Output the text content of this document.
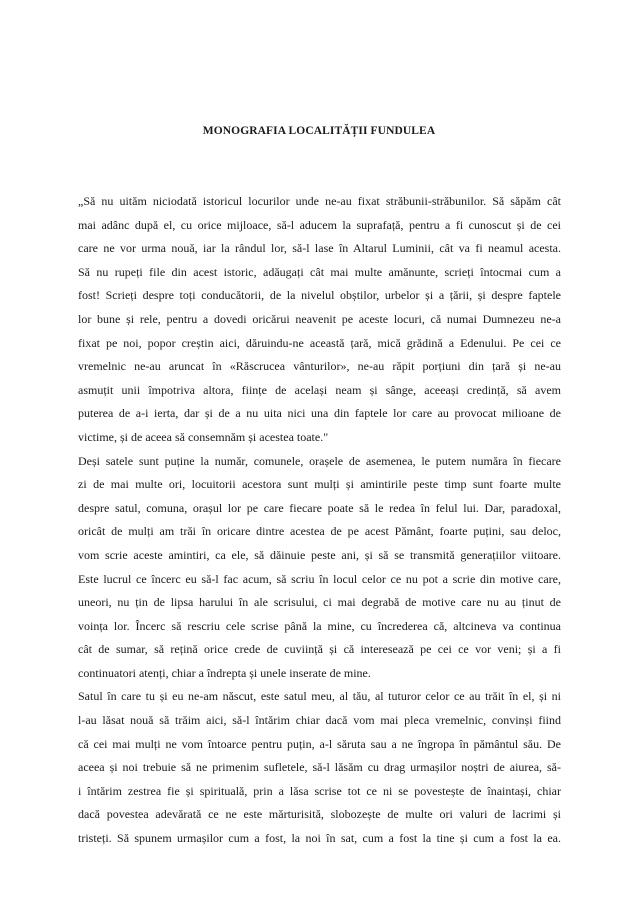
MONOGRAFIA LOCALITĂȚII FUNDULEA
„Să nu uităm niciodată istoricul locurilor unde ne-au fixat străbunii-străbunilor. Să săpăm cât
mai adânc după el, cu orice mijloace, să-l aducem la suprafață, pentru a fi cunoscut și de cei
care ne vor urma nouă, iar la rândul lor, să-l lase în Altarul Luminii, cât va fi neamul acesta.
Să nu rupeți file din acest istoric, adăugați cât mai multe amănunte, scrieți întocmai cum a
fost! Scrieți despre toți conducătorii, de la nivelul obștilor, urbelor și a țării, și despre faptele
lor bune și rele, pentru a dovedi oricărui neavenit pe aceste locuri, că numai Dumnezeu ne-a
fixat pe noi, popor creștin aici, dăruindu-ne această țară, mică grădină a Edenului. Pe cei ce
vremelnic ne-au aruncat în «Răscrucea vânturilor», ne-au răpit porțiuni din țară și ne-au
asmuțit unii împotriva altora, ființe de același neam și sânge, aceeași credință, să avem
puterea de a-i ierta, dar și de a nu uita nici una din faptele lor care au provocat milioane de
victime, și de aceea să consemnăm și acestea toate."
Deși satele sunt puține la număr, comunele, orașele de asemenea, le putem număra în fiecare
zi de mai multe ori, locuitorii acestora sunt mulți și amintirile peste timp sunt foarte multe
despre satul, comuna, orașul lor pe care fiecare poate să le redea în felul lui. Dar, paradoxal,
oricât de mulți am trăi în oricare dintre acestea de pe acest Pământ, foarte puțini, sau deloc,
vom scrie aceste amintiri, ca ele, să dăinuie peste ani, și să se transmită generațiilor viitoare.
Este lucrul ce încerc eu să-l fac acum, să scriu în locul celor ce nu pot a scrie din motive care,
uneori, nu țin de lipsa harului în ale scrisului, ci mai degrabă de motive care nu au ținut de
voința lor. Încerc să rescriu cele scrise până la mine, cu încrederea că, altcineva va continua
cât de sumar, să rețină orice crede de cuviință și că interesează pe cei ce vor veni; și a fi
continuatori atenți, chiar a îndrepta și unele inserate de mine.
Satul în care tu și eu ne-am născut, este satul meu, al tău, al tuturor celor ce au trăit în el, și ni
l-au lăsat nouă să trăim aici, să-l întărim chiar dacă vom mai pleca vremelnic, convinși fiind
că cei mai mulți ne vom întoarce pentru puțin, a-l săruta sau a ne îngropa în pământul său. De
aceea și noi trebuie să ne primenim sufletele, să-l lăsăm cu drag urmașilor noștri de aiurea, să-
i întărim zestrea fie și spirituală, prin a lăsa scrise tot ce ni se povestește de înaintași, chiar
dacă povestea adevărată ce ne este mărturisită, slobozește de multe ori valuri de lacrimi și
tristeți. Să spunem urmașilor cum a fost, la noi în sat, cum a fost la tine și cum a fost la ea.
